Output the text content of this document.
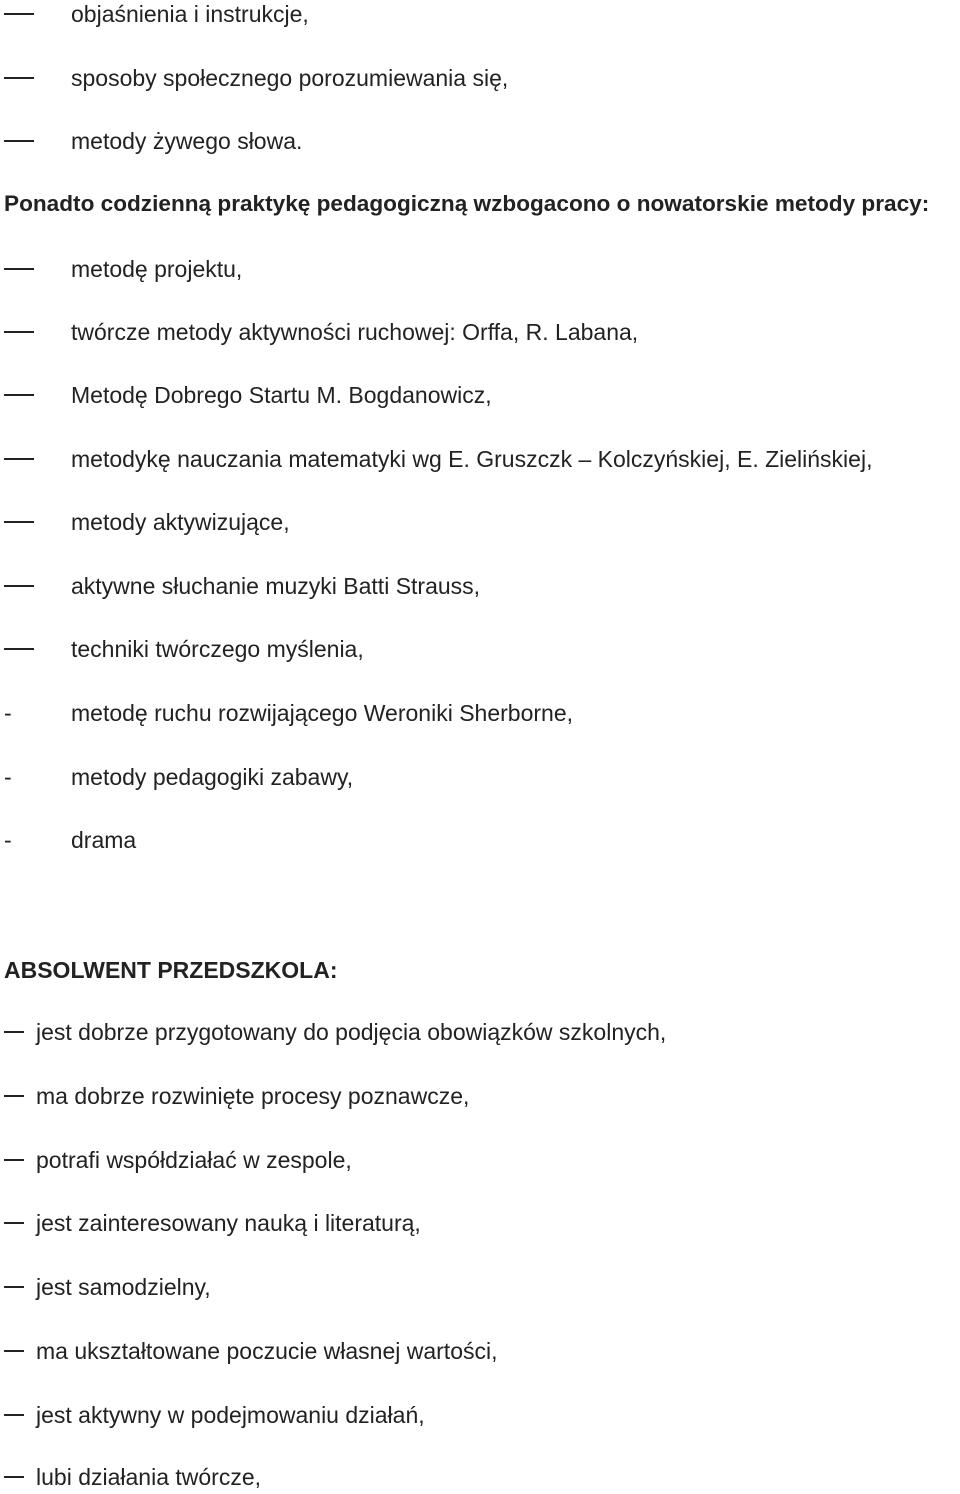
objaśnienia i instrukcje,
sposoby społecznego porozumiewania się,
metody żywego słowa.
Ponadto codzienną praktykę pedagogiczną wzbogacono o nowatorskie metody pracy:
metodę projektu,
twórcze metody aktywności ruchowej: Orffa, R. Labana,
Metodę Dobrego Startu M. Bogdanowicz,
metodykę nauczania matematyki wg E. Gruszczk – Kolczyńskiej, E. Zielińskiej,
metody aktywizujące,
aktywne słuchanie muzyki Batti Strauss,
techniki twórczego myślenia,
-	metodę ruchu rozwijającego Weroniki Sherborne,
-	metody pedagogiki zabawy,
-	drama
ABSOLWENT PRZEDSZKOLA:
jest dobrze przygotowany do podjęcia obowiązków szkolnych,
ma dobrze rozwinięte procesy poznawcze,
potrafi współdziałać w zespole,
jest zainteresowany nauką i literaturą,
jest samodzielny,
ma ukształtowane poczucie własnej wartości,
jest aktywny w podejmowaniu działań,
lubi działania twórcze,
